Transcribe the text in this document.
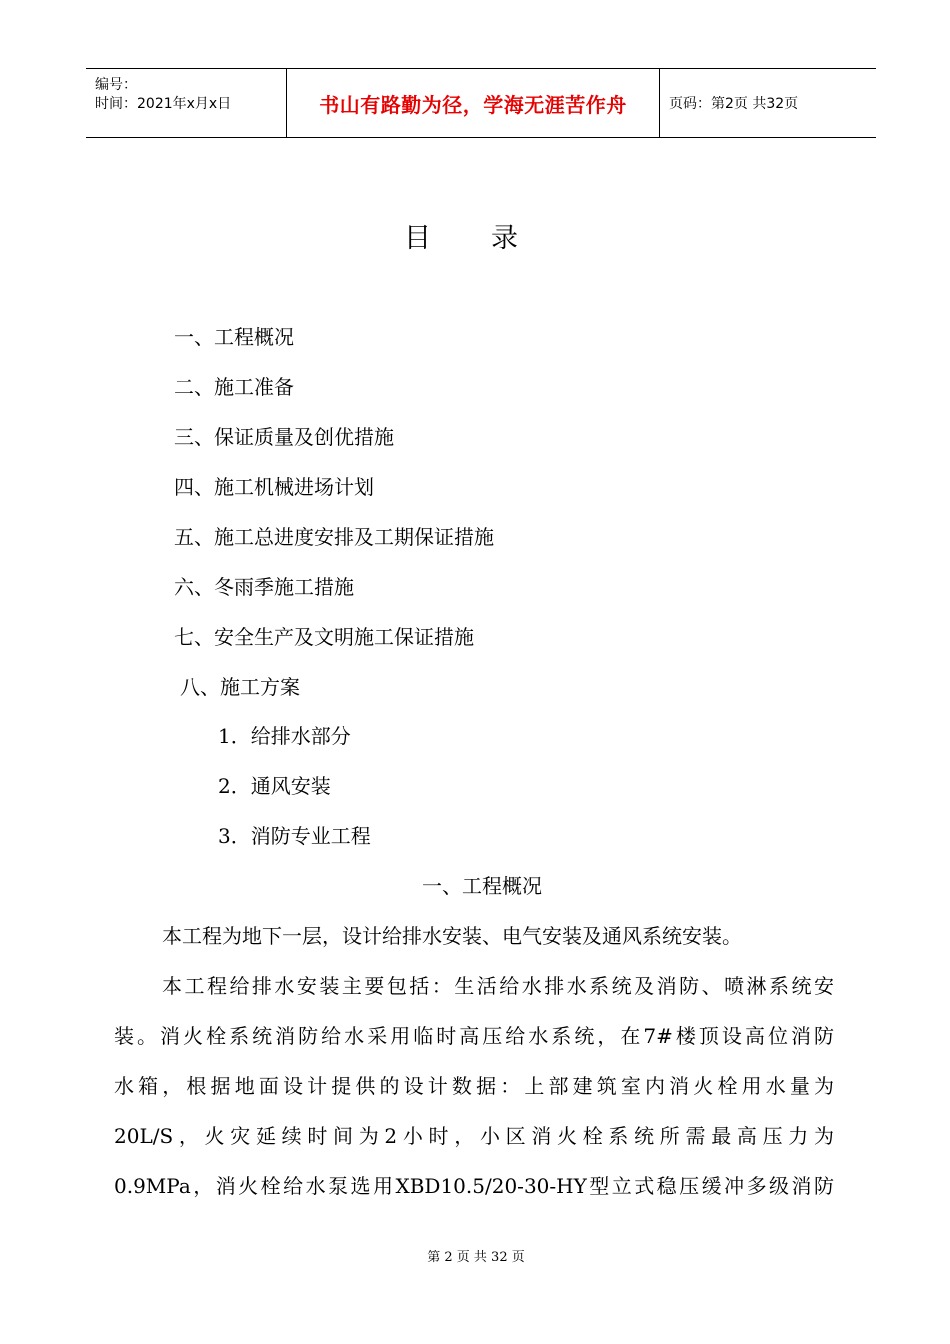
编号：
时间：2021年x月x日	书山有路勤为径，学海无涯苦作舟	页码：第2页 共32页
目 录
一、工程概况
二、施工准备
三、保证质量及创优措施
四、施工机械进场计划
五、施工总进度安排及工期保证措施
六、冬雨季施工措施
七、安全生产及文明施工保证措施
八、施工方案
1．给排水部分
2．通风安装
3．消防专业工程
一、工程概况
本工程为地下一层，设计给排水安装、电气安装及通风系统安装。
本工程给排水安装主要包括：生活给水排水系统及消防、喷淋系统安
装。消火栓系统消防给水采用临时高压给水系统，在7#楼顶设高位消防
水箱，根据地面设计提供的设计数据：上部建筑室内消火栓用水量为
20L/S，火灾延续时间为2小时，小区消火栓系统所需最高压力为
0.9MPa，消火栓给水泵选用XBD10.5/20-30-HY型立式稳压缓冲多级消防
第 2 页 共 32 页
